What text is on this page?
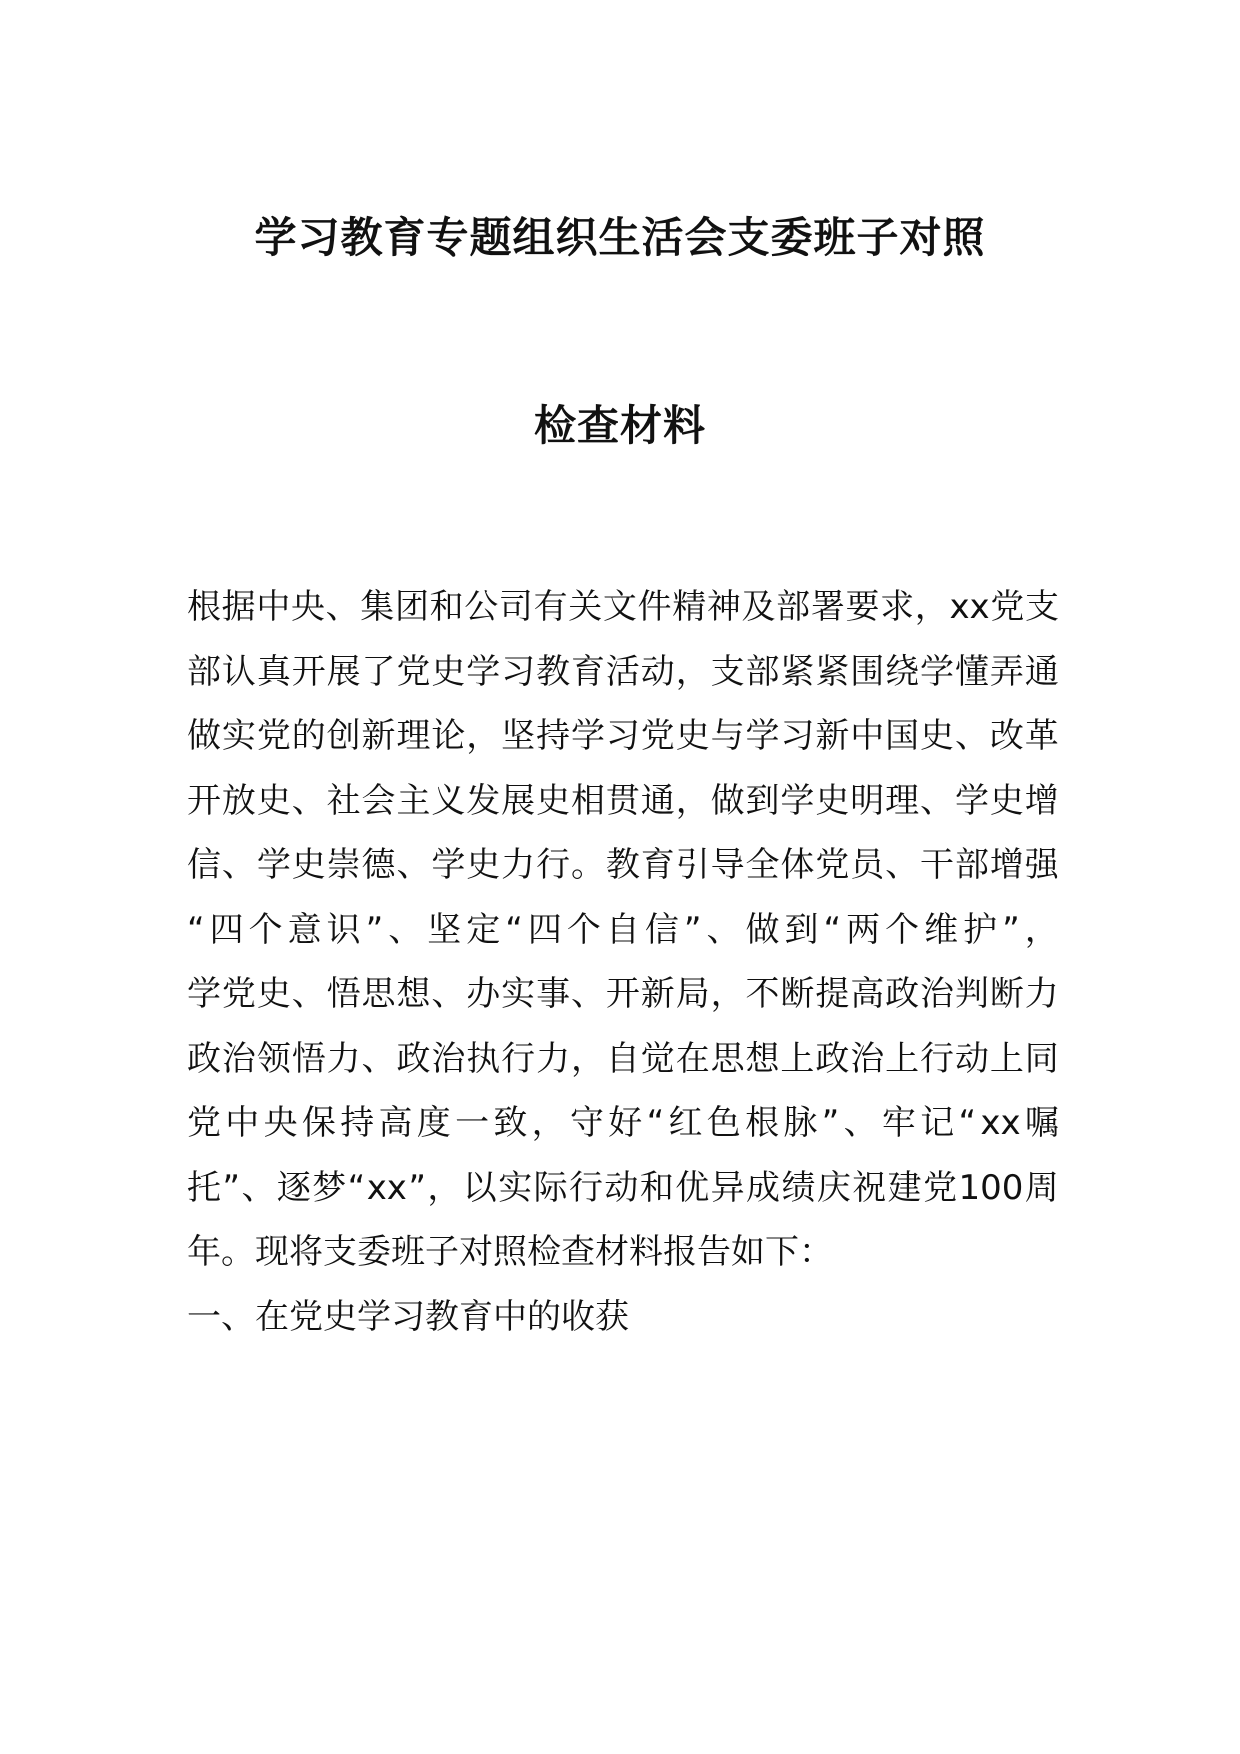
学习教育专题组织生活会支委班子对照
检查材料
根 据 中 央 、 集 团 和 公 司 有 关 文 件 精 神 及 部 署 要 求 ， xx 党 支
部 认 真 开 展 了 党 史 学 习 教 育 活 动 ， 支 部 紧 紧 围 绕 学 懂 弄 通
做 实 党 的 创 新 理 论 ， 坚 持 学 习 党 史 与 学 习 新 中 国 史 、 改 革
开 放 史 、 社 会 主 义 发 展 史 相 贯 通 ， 做 到 学 史 明 理 、 学 史 增
信 、 学 史 崇 德 、 学 史 力 行 。 教 育 引 导 全 体 党 员 、 干 部 增 强
“ 四 个 意 识 ” 、 坚 定 “ 四 个 自 信 ” 、 做 到 “ 两 个 维 护 ” ，
学 党 史 、 悟 思 想 、 办 实 事 、 开 新 局 ， 不 断 提 高 政 治 判 断 力
政 治 领 悟 力 、 政 治 执 行 力 ， 自 觉 在 思 想 上 政 治 上 行 动 上 同
党 中 央 保 持 高 度 一 致 ， 守 好 “ 红 色 根 脉 ” 、 牢 记 “ xx 嘱
托 ” 、 逐 梦 “ xx ” ， 以 实 际 行 动 和 优 异 成 绩 庆 祝 建 党 100 周
年。现将支委班子对照检查材料报告如下：
一、在党史学习教育中的收获
